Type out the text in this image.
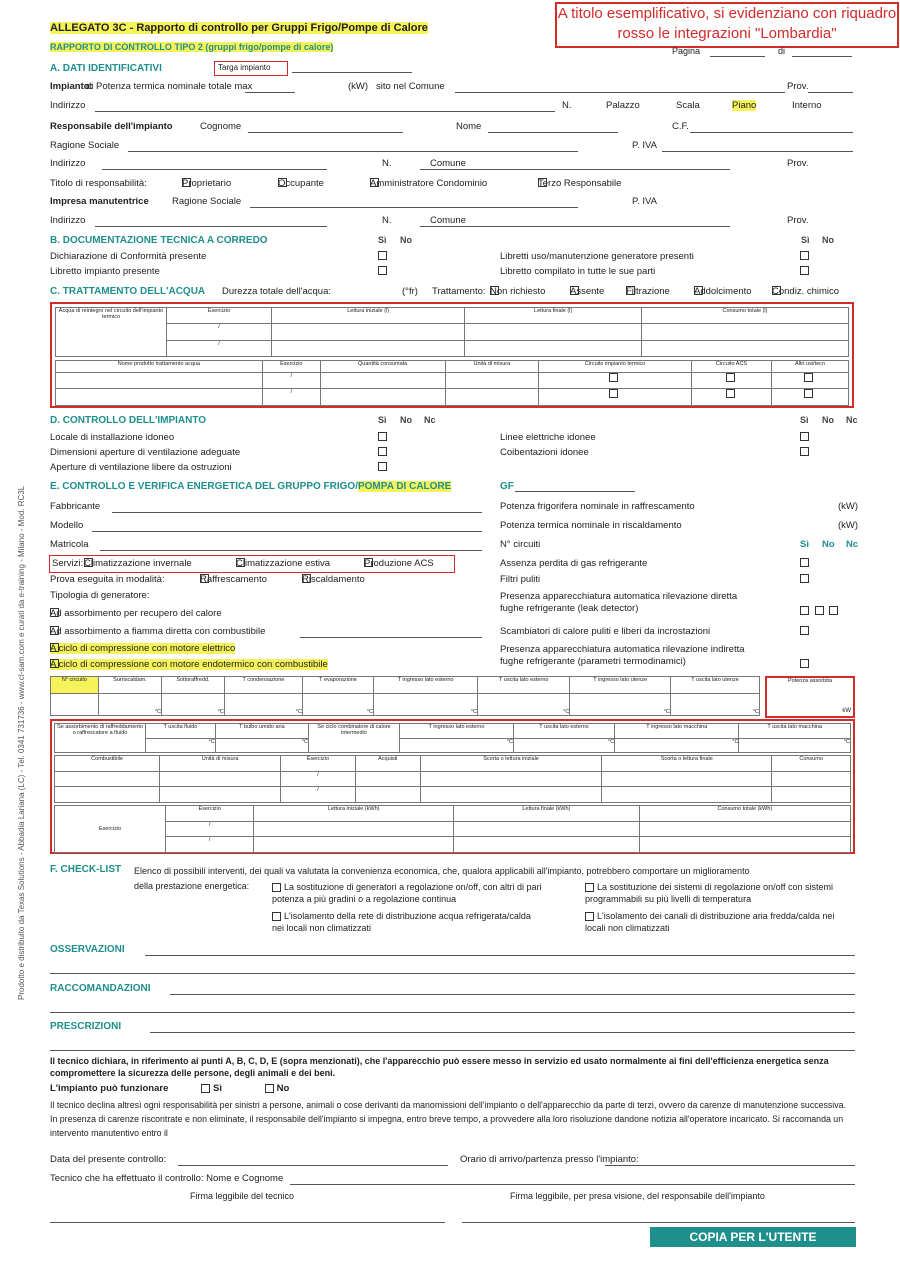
ALLEGATO 3C - Rapporto di controllo per Gruppi Frigo/Pompe di Calore
RAPPORTO DI CONTROLLO TIPO 2 (gruppi frigo/pompe di calore)
A titolo esemplificativo, si evidenziano con riquadro rosso le integrazioni "Lombardia"
Pagina	di
A. DATI IDENTIFICATIVI	Targa impianto
Impianto:
di Potenza termica nominale totale max	(kW) sito nel Comune	Prov.
Indirizzo	N.	Palazzo	Scala	Piano	Interno
Responsabile dell'impianto	Cognome	Nome	C.F.
Ragione Sociale	P. IVA
Indirizzo	N.	Comune	Prov.
Titolo di responsabilità:	Proprietario	Occupante	Amministratore Condominio	Terzo Responsabile
Impresa manutentrice Ragione Sociale	P. IVA
Indirizzo	N.	Comune	Prov.
B. DOCUMENTAZIONE TECNICA A CORREDO	Sì No	Sì No
Dichiarazione di Conformità presente	Libretti uso/manutenzione generatore presenti
Libretto impianto presente	Libretto compilato in tutte le sue parti
C. TRATTAMENTO DELL'ACQUA Durezza totale dell'acqua:	(°fr) Trattamento: Non richiesto	Assente Filtrazione	Addolcimento Condiz. chimico
Acqua di reintegro nel circuito dell'impianto termico	Esercizio	Lettura iniziale (l)	Lettura finale (l)	Consumo totale (l)
	/			
	/			
Nome prodotto trattamento acqua	Esercizio	Quantità consumata	Unità di misura	Circuito impianto termico	Circuito ACS	Altri usi/tecn
	/					
	/					
D. CONTROLLO DELL'IMPIANTO	Sì No Nc	Sì No Nc
Locale di installazione idoneo	Linee elettriche idonee
Dimensioni aperture di ventilazione adeguate	Coibentazioni idonee
Aperture di ventilazione libere da ostruzioni
E. CONTROLLO E VERIFICA ENERGETICA DEL GRUPPO FRIGO/POMPA DI CALORE	GF
Fabbricante	Potenza frigorifera nominale in raffrescamento	(kW)
Modello	Potenza termica nominale in riscaldamento	(kW)
Matricola	N° circuiti	Sì No Nc
Servizi: Climatizzazione invernale	Climatizzazione estiva	Produzione ACS	Assenza perdita di gas refrigerante
Prova eseguita in modalità:	Raffrescamento	Riscaldamento	Filtri puliti
Tipologia di generatore:	Presenza apparecchiatura automatica rilevazione diretta fughe refrigerante (leak detector)

Ad assorbimento per recupero del calore
Ad assorbimento a fiamma diretta con combustibile	Scambiatori di calore puliti e liberi da incrostazioni
A ciclo di compressione con motore elettrico	Presenza apparecchiatura automatica rilevazione indiretta fughe refrigerante (parametri termodinamici)
A ciclo di compressione con motore endotermico con combustibile
N° circuito	Surriscaldam.	Sottoraffredd.	T condensazione	T evaporazione	T ingresso lato esterno	T uscita lato esterno	T ingresso lato utenze	T uscita lato utenze
	°C	°C	°C	°C	°C	°C	°C	°C
Potenza assorbita
kW
Se assorbimento di raffreddamento o raffrescatore a fluido	T uscita fluido	T bulbo umido aria	Se ciclo combinatore di calore intermedio	T ingresso lato esterno	T uscita lato esterno	T ingresso lato macchina	T uscita lato macchina
	°C	°C		°C	°C	°C	°C
Combustibile	Unità di misura	Esercizio	Acquisti	Scorta o lettura iniziale	Scorta o lettura finale	Consumo
		/				
		/				
Esercizio	Esercizio	Lettura iniziale (kWh)	Lettura finale (kWh)	Consumo totale (kWh)
	/			
	/			
F. CHECK-LIST Elenco di possibili interventi, dei quali va valutata la convenienza economica, che, qualora applicabili all'impianto, potrebbero comportare un miglioramento
della prestazione energetica:	La sostituzione di generatori a regolazione on/off, con altri di pari potenza a più gradini o a regolazione continua
La sostituzione dei sistemi di regolazione on/off con sistemi programmabili su più livelli di temperatura
L'isolamento della rete di distribuzione acqua refrigerata/calda nei locali non climatizzati
L'isolamento dei canali di distribuzione aria fredda/calda nei locali non climatizzati
OSSERVAZIONI
RACCOMANDAZIONI
PRESCRIZIONI
Il tecnico dichiara, in riferimento ai punti A, B, C, D, E (sopra menzionati), che l'apparecchio può essere messo in servizio ed usato normalmente ai fini dell'efficienza energetica senza compromettere la sicurezza delle persone, degli animali e dei beni.
L'impianto può funzionare	Sì	No
Il tecnico declina altresì ogni responsabilità per sinistri a persone, animali o cose derivanti da manomissioni dell'impianto o dell'apparecchio da parte di terzi, ovvero da carenze di manutenzione successiva. In presenza di carenze riscontrate e non eliminate, il responsabile dell'impianto si impegna, entro breve tempo, a provvedere alla loro risoluzione dandone notizia all'operatore incaricato. Si raccomanda un intervento manutentivo entro il
Data del presente controllo:	Orario di arrivo/partenza presso l'impianto:
Tecnico che ha effettuato il controllo: Nome e Cognome
Firma leggibile del tecnico	Firma leggibile, per presa visione, del responsabile dell'impianto
COPIA PER L'UTENTE
Prodotto e distribuito da Texas Solutions - Abbadia Lariana (LC) - Tel. 0341 731736 - www.cl-sam.com e curati da e-training - Milano - Mod. RC3L
